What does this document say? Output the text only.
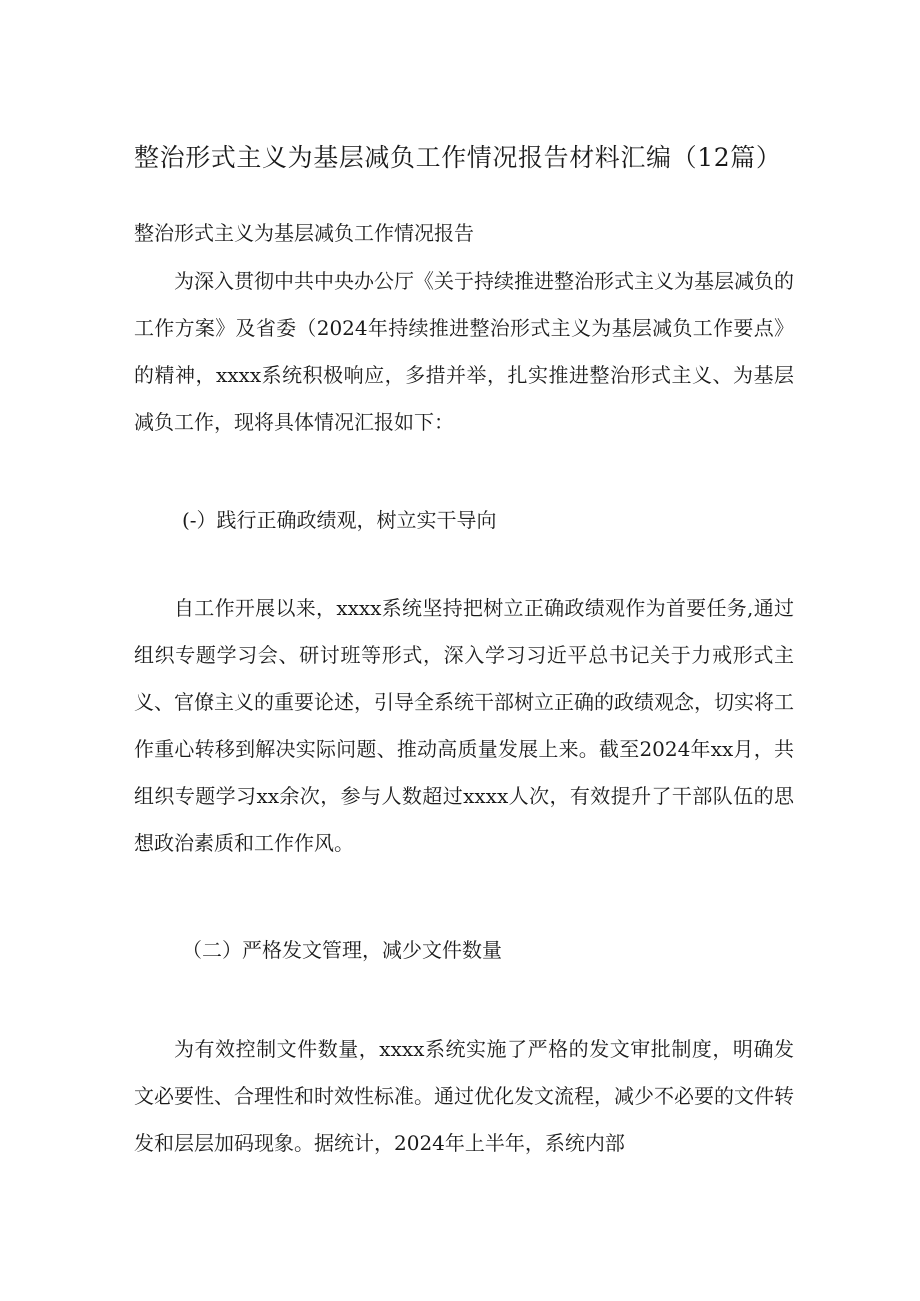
整治形式主义为基层减负工作情况报告材料汇编（12篇）
整治形式主义为基层减负工作情况报告

为深入贯彻中共中央办公厅《关于持续推进整治形式主义为基层减负的工作方案》及省委（2024年持续推进整治形式主义为基层减负工作要点》的精神，xxxx系统积极响应，多措并举，扎实推进整治形式主义、为基层减负工作，现将具体情况汇报如下：

(-）践行正确政绩观，树立实干导向

自工作开展以来，xxxx系统坚持把树立正确政绩观作为首要任务,通过组织专题学习会、研讨班等形式，深入学习习近平总书记关于力戒形式主义、官僚主义的重要论述，引导全系统干部树立正确的政绩观念，切实将工作重心转移到解决实际问题、推动高质量发展上来。截至2024年xx月，共组织专题学习xx余次，参与人数超过xxxx人次，有效提升了干部队伍的思想政治素质和工作作风。

（二）严格发文管理，减少文件数量

为有效控制文件数量，xxxx系统实施了严格的发文审批制度，明确发文必要性、合理性和时效性标准。通过优化发文流程，减少不必要的文件转发和层层加码现象。据统计，2024年上半年，系统内部
